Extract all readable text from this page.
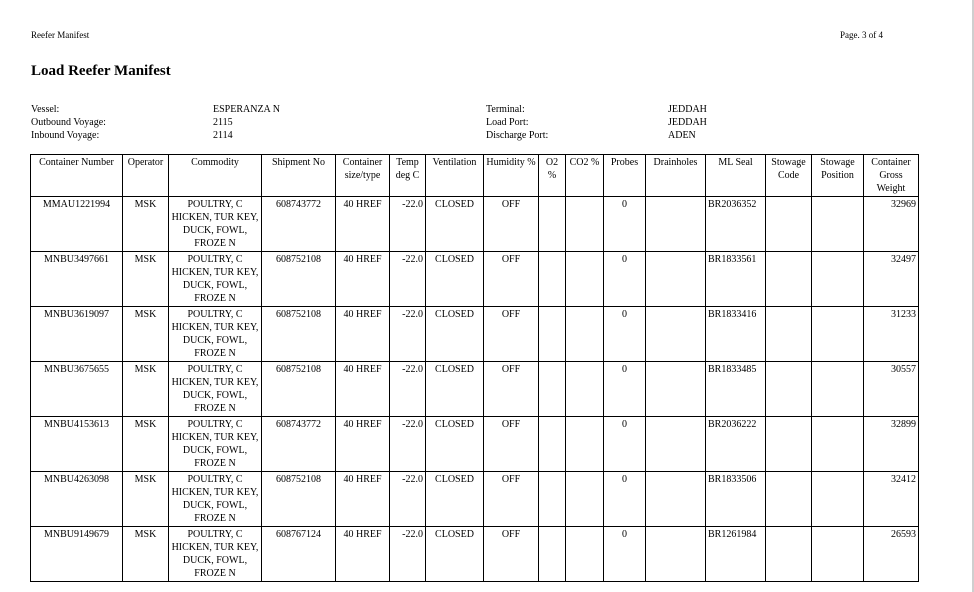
Reefer Manifest	Page. 3 of 4
Load Reefer Manifest
Vessel:
Outbound Voyage:
Inbound Voyage:
ESPERANZA N
2115
2114
Terminal:
Load Port:
Discharge Port:
JEDDAH
JEDDAH
ADEN
Container Number	Operator	Commodity	Shipment No	Container size/type	Temp deg C	Ventilation	Humidity %	O2 %	CO2 %	Probes	Drainholes	ML Seal	Stowage Code	Stowage Position	Container Gross Weight
MMAU1221994	MSK	POULTRY, C HICKEN, TUR KEY, DUCK, FOWL, FROZE N	608743772	40 HREF	-22.0	CLOSED	OFF			0		BR2036352			32969
MNBU3497661	MSK	POULTRY, C HICKEN, TUR KEY, DUCK, FOWL, FROZE N	608752108	40 HREF	-22.0	CLOSED	OFF			0		BR1833561			32497
MNBU3619097	MSK	POULTRY, C HICKEN, TUR KEY, DUCK, FOWL, FROZE N	608752108	40 HREF	-22.0	CLOSED	OFF			0		BR1833416			31233
MNBU3675655	MSK	POULTRY, C HICKEN, TUR KEY, DUCK, FOWL, FROZE N	608752108	40 HREF	-22.0	CLOSED	OFF			0		BR1833485			30557
MNBU4153613	MSK	POULTRY, C HICKEN, TUR KEY, DUCK, FOWL, FROZE N	608743772	40 HREF	-22.0	CLOSED	OFF			0		BR2036222			32899
MNBU4263098	MSK	POULTRY, C HICKEN, TUR KEY, DUCK, FOWL, FROZE N	608752108	40 HREF	-22.0	CLOSED	OFF			0		BR1833506			32412
MNBU9149679	MSK	POULTRY, C HICKEN, TUR KEY, DUCK, FOWL, FROZE N	608767124	40 HREF	-22.0	CLOSED	OFF			0		BR1261984			26593
